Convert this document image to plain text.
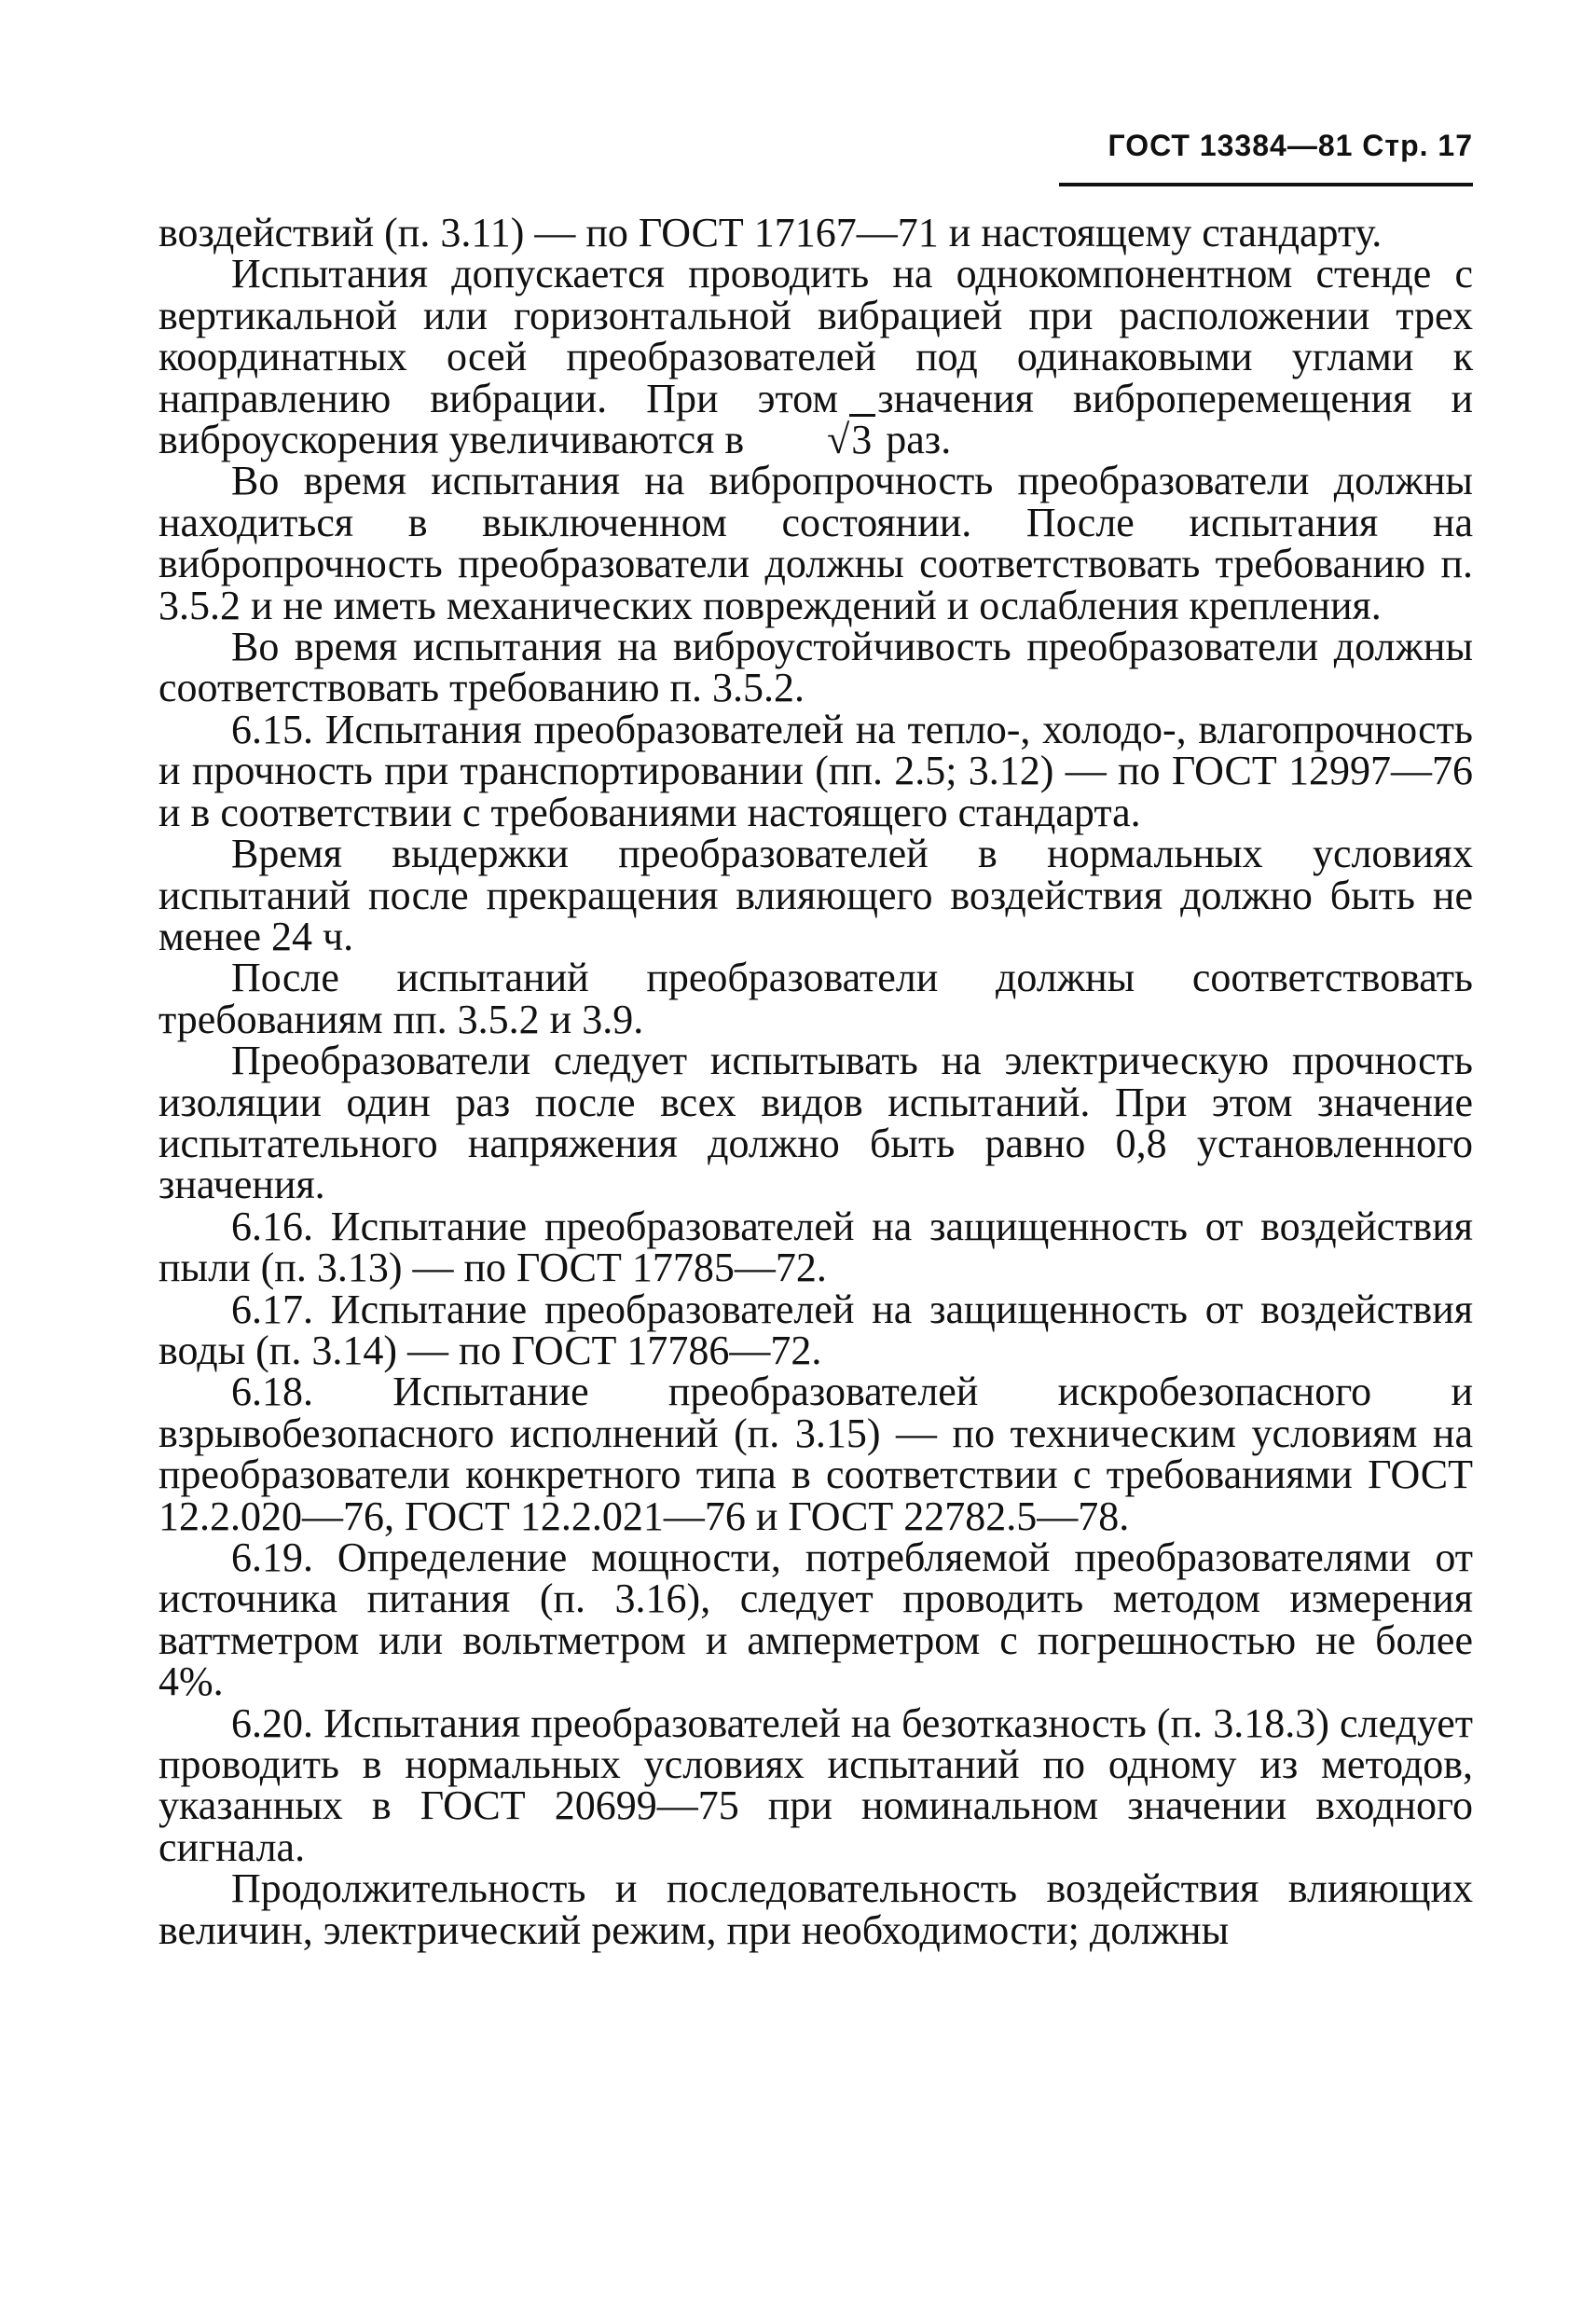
ГОСТ 13384—81 Стр. 17

воздействий (п. 3.11) — по ГОСТ 17167—71 и настоящему стандарту.

Испытания допускается проводить на однокомпонентном стенде с вертикальной или горизонтальной вибрацией при расположении трех координатных осей преобразователей под одинаковыми углами к направлению вибрации. При этом значения виброперемещения и виброускорения увеличиваются в √3 раз.

Во время испытания на вибропрочность преобразователи должны находиться в выключенном состоянии. После испытания на вибропрочность преобразователи должны соответствовать требованию п. 3.5.2 и не иметь механических повреждений и ослабления крепления.

Во время испытания на виброустойчивость преобразователи должны соответствовать требованию п. 3.5.2.

6.15. Испытания преобразователей на тепло-, холодо-, влагопрочность и прочность при транспортировании (пп. 2.5; 3.12) — по ГОСТ 12997—76 и в соответствии с требованиями настоящего стандарта.

Время выдержки преобразователей в нормальных условиях испытаний после прекращения влияющего воздействия должно быть не менее 24 ч.

После испытаний преобразователи должны соответствовать требованиям пп. 3.5.2 и 3.9.

Преобразователи следует испытывать на электрическую прочность изоляции один раз после всех видов испытаний. При этом значение испытательного напряжения должно быть равно 0,8 установленного значения.

6.16. Испытание преобразователей на защищенность от воздействия пыли (п. 3.13) — по ГОСТ 17785—72.

6.17. Испытание преобразователей на защищенность от воздействия воды (п. 3.14) — по ГОСТ 17786—72.

6.18. Испытание преобразователей искробезопасного и взрывобезопасного исполнений (п. 3.15) — по техническим условиям на преобразователи конкретного типа в соответствии с требованиями ГОСТ 12.2.020—76, ГОСТ 12.2.021—76 и ГОСТ 22782.5—78.

6.19. Определение мощности, потребляемой преобразователями от источника питания (п. 3.16), следует проводить методом измерения ваттметром или вольтметром и амперметром с погрешностью не более 4%.

6.20. Испытания преобразователей на безотказность (п. 3.18.3) следует проводить в нормальных условиях испытаний по одному из методов, указанных в ГОСТ 20699—75 при номинальном значении входного сигнала.

Продолжительность и последовательность воздействия влияющих величин, электрический режим, при необходимости; должны
